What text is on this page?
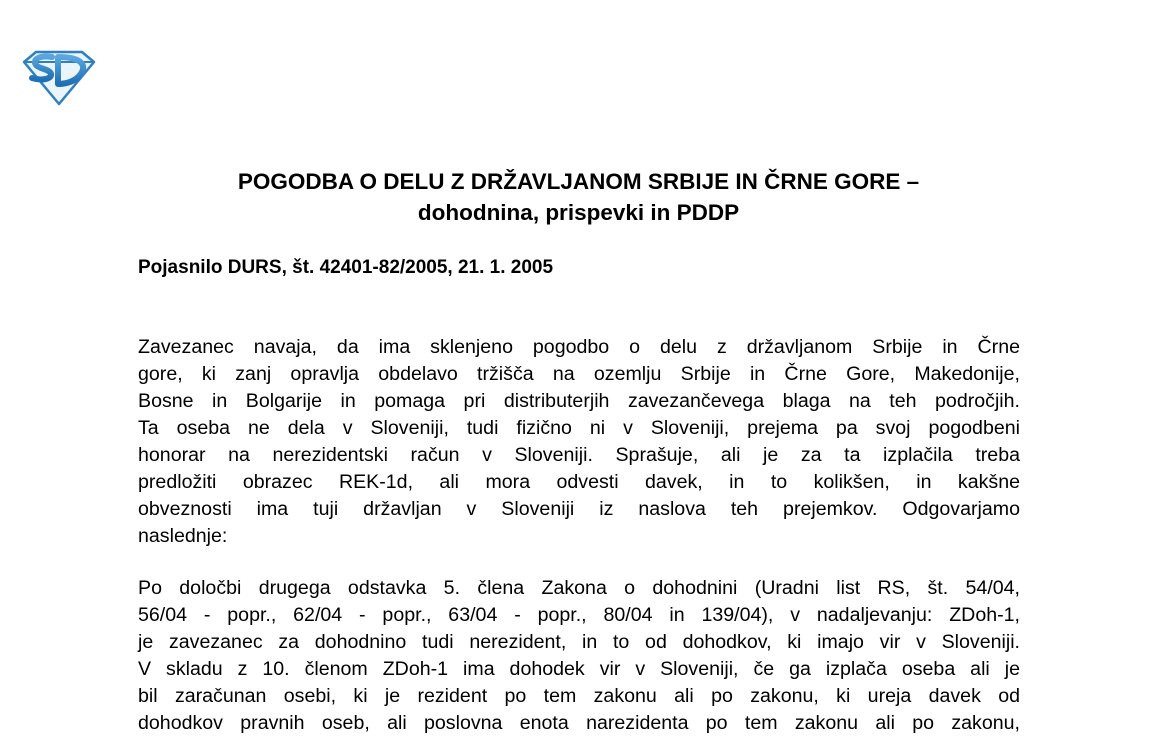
POGODBA O DELU Z DRŽAVLJANOM SRBIJE IN ČRNE GORE –
dohodnina, prispevki in PDDP
Pojasnilo DURS, št. 42401-82/2005, 21. 1. 2005
Zavezanec navaja, da ima sklenjeno pogodbo o delu z državljanom Srbije in Črne
gore, ki zanj opravlja obdelavo tržišča na ozemlju Srbije in Črne Gore, Makedonije,
Bosne in Bolgarije in pomaga pri distributerjih zavezančevega blaga na teh področjih.
Ta oseba ne dela v Sloveniji, tudi fizično ni v Sloveniji, prejema pa svoj pogodbeni
honorar na nerezidentski račun v Sloveniji. Sprašuje, ali je za ta izplačila treba
predložiti obrazec REK-1d, ali mora odvesti davek, in to kolikšen, in kakšne
obveznosti ima tuji državljan v Sloveniji iz naslova teh prejemkov. Odgovarjamo
naslednje:
Po določbi drugega odstavka 5. člena Zakona o dohodnini (Uradni list RS, št. 54/04,
56/04 - popr., 62/04 - popr., 63/04 - popr., 80/04 in 139/04), v nadaljevanju: ZDoh-1,
je zavezanec za dohodnino tudi nerezident, in to od dohodkov, ki imajo vir v Sloveniji.
V skladu z 10. členom ZDoh-1 ima dohodek vir v Sloveniji, če ga izplača oseba ali je
bil zaračunan osebi, ki je rezident po tem zakonu ali po zakonu, ki ureja davek od
dohodkov pravnih oseb, ali poslovna enota narezidenta po tem zakonu ali po zakonu,
